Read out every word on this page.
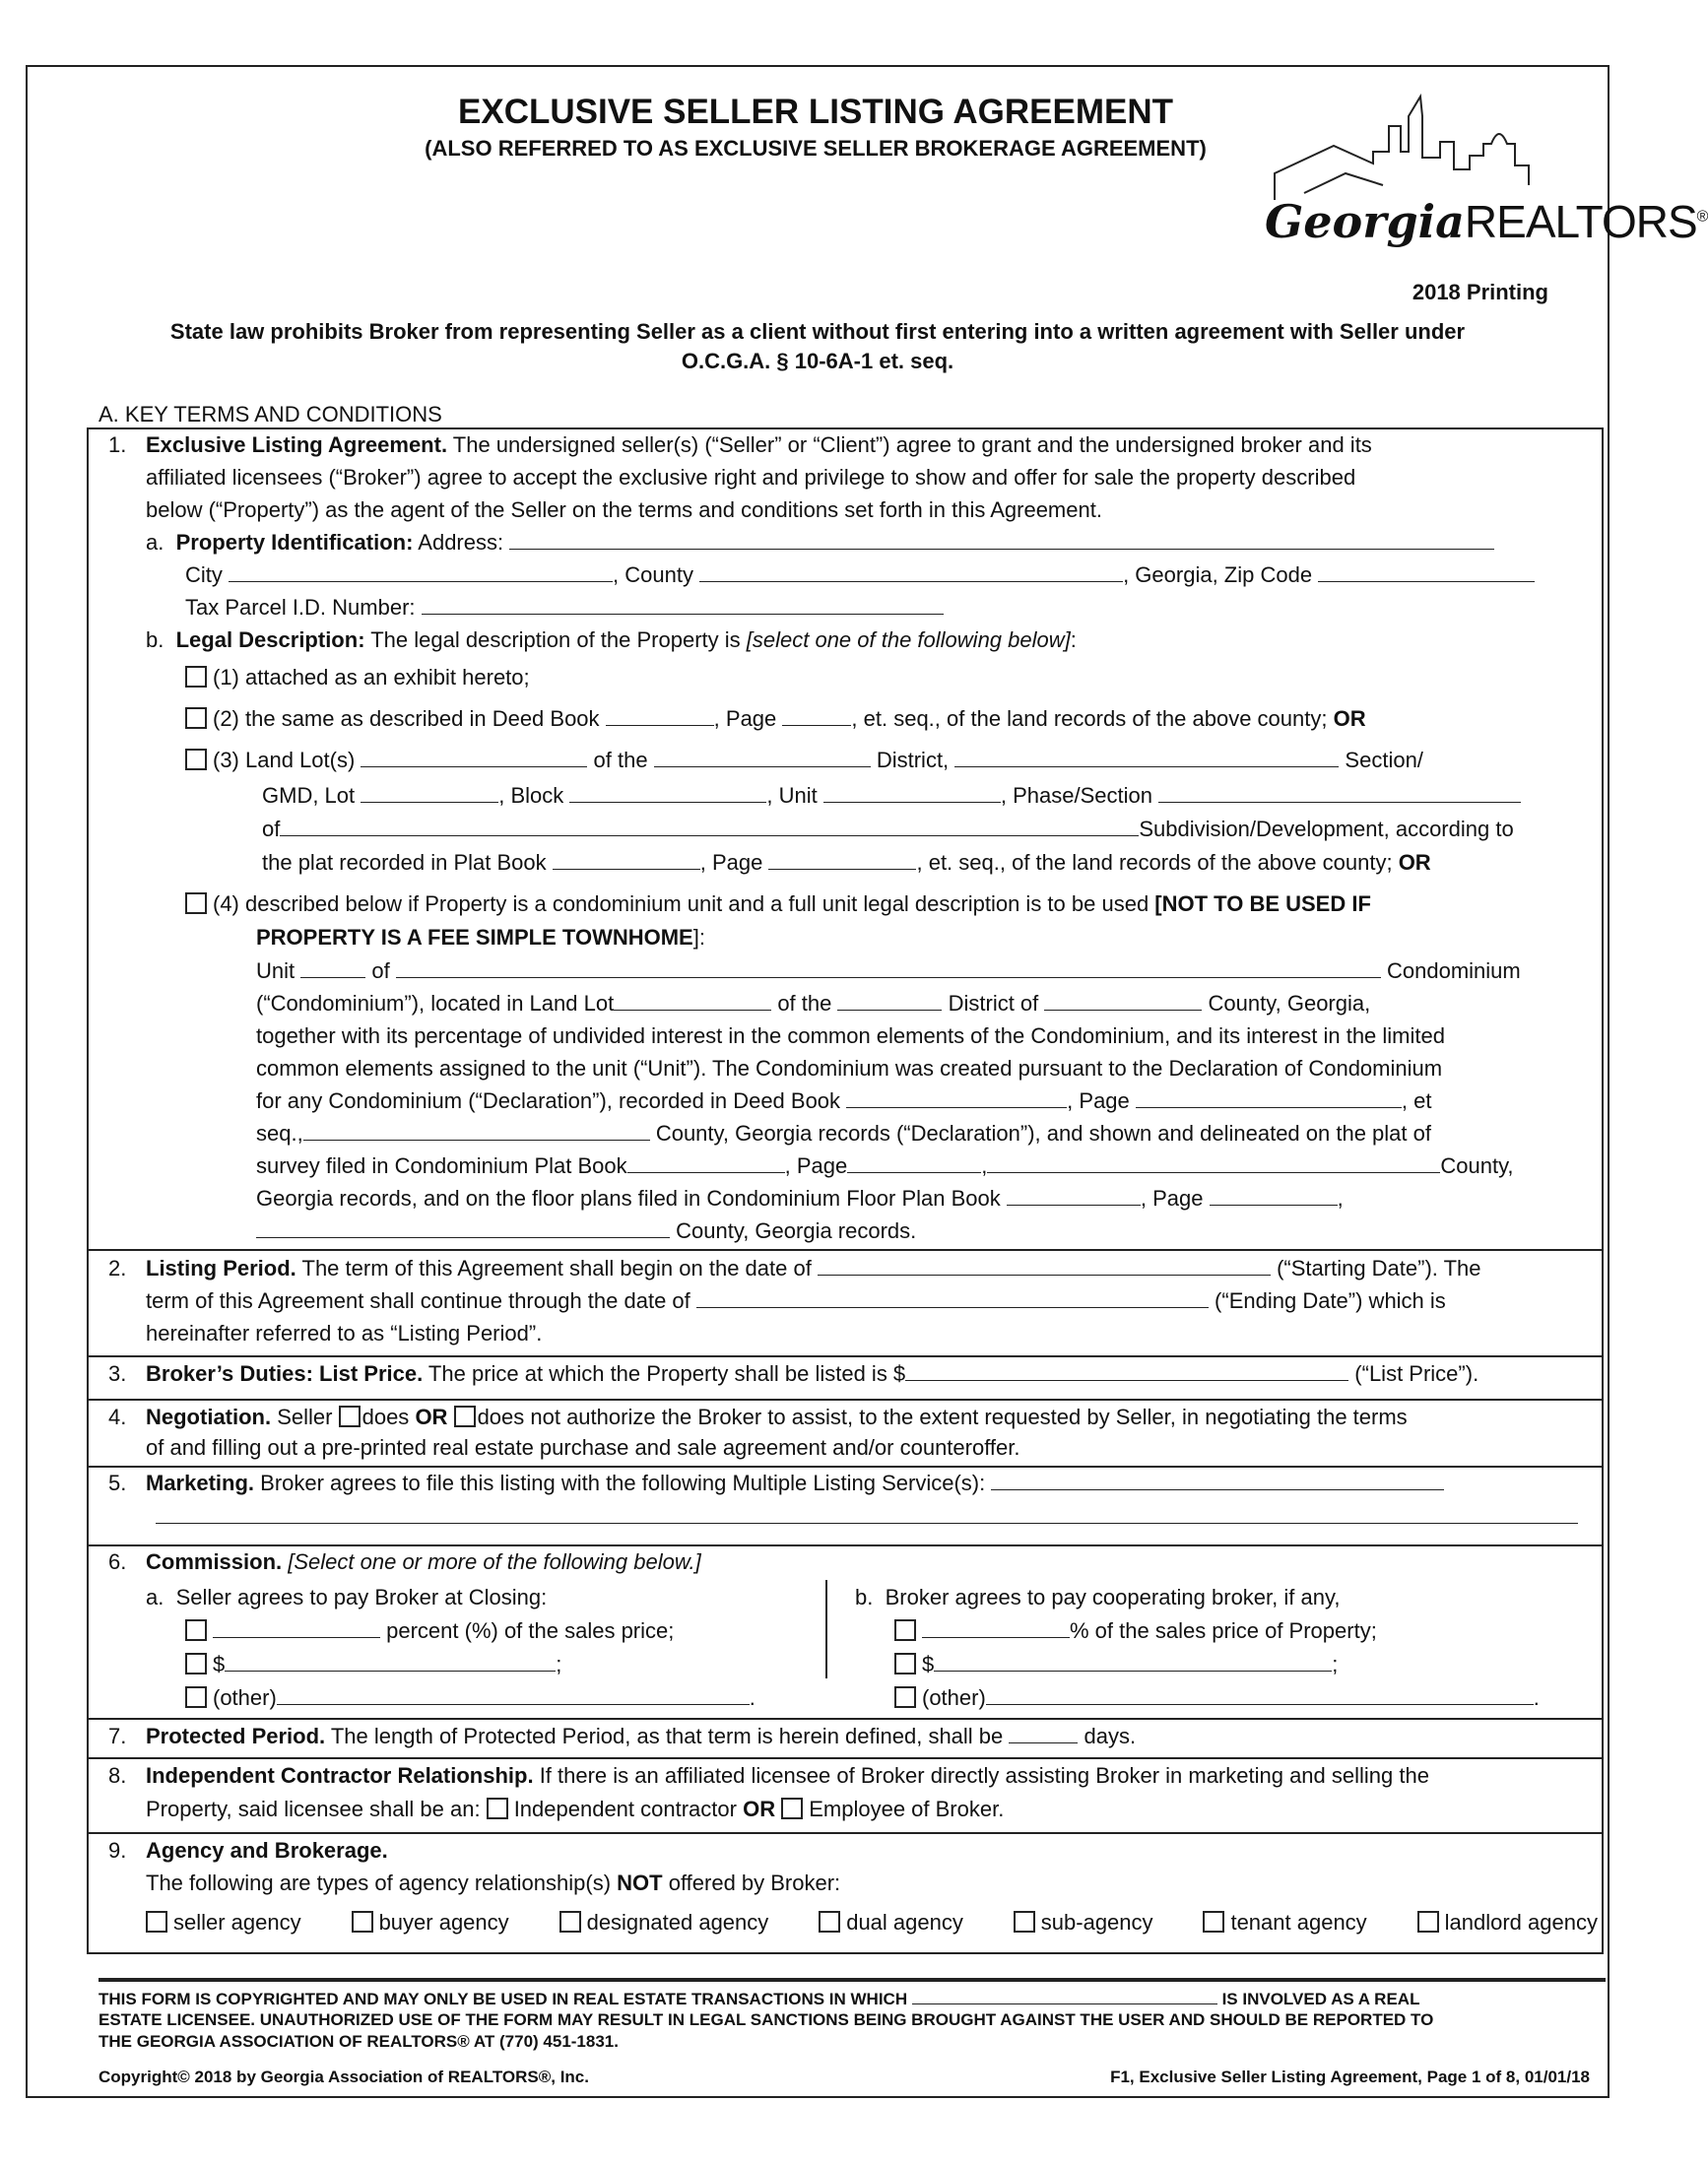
EXCLUSIVE SELLER LISTING AGREEMENT
(ALSO REFERRED TO AS EXCLUSIVE SELLER BROKERAGE AGREEMENT)
GeorgiaREALTORS®
2018 Printing
State law prohibits Broker from representing Seller as a client without first entering into a written agreement with Seller under
O.C.G.A. § 10-6A-1 et. seq.
A. KEY TERMS AND CONDITIONS
1. Exclusive Listing Agreement. The undersigned seller(s) (“Seller” or “Client”) agree to grant and the undersigned broker and its
affiliated licensees (“Broker”) agree to accept the exclusive right and privilege to show and offer for sale the property described
below (“Property”) as the agent of the Seller on the terms and conditions set forth in this Agreement.
a. Property Identification: Address:
City	, County	, Georgia, Zip Code
Tax Parcel I.D. Number:
b. Legal Description: The legal description of the Property is [select one of the following below]:
(1) attached as an exhibit hereto;
(2) the same as described in Deed Book	, Page	, et. seq., of the land records of the above county; OR
(3) Land Lot(s)	of the	District,	Section/
GMD, Lot	, Block	, Unit	, Phase/Section
of	Subdivision/Development, according to
the plat recorded in Plat Book	, Page	, et. seq., of the land records of the above county; OR
(4) described below if Property is a condominium unit and a full unit legal description is to be used [NOT TO BE USED IF
PROPERTY IS A FEE SIMPLE TOWNHOME]:
Unit	of	Condominium
(“Condominium”), located in Land Lot	of the	District of	County, Georgia,
together with its percentage of undivided interest in the common elements of the Condominium, and its interest in the limited
common elements assigned to the unit (“Unit”). The Condominium was created pursuant to the Declaration of Condominium
for any Condominium (“Declaration”), recorded in Deed Book	, Page	, et
seq.,	County, Georgia records (“Declaration”), and shown and delineated on the plat of
survey filed in Condominium Plat Book	, Page	,	County,
Georgia records, and on the floor plans filed in Condominium Floor Plan Book	, Page	,
County, Georgia records.
2. Listing Period. The term of this Agreement shall begin on the date of	(“Starting Date”). The
term of this Agreement shall continue through the date of	(“Ending Date”) which is
hereinafter referred to as “Listing Period”.
3. Broker’s Duties: List Price. The price at which the Property shall be listed is $	(“List Price”).
4. Negotiation. Seller does OR does not authorize the Broker to assist, to the extent requested by Seller, in negotiating the terms
of and filling out a pre-printed real estate purchase and sale agreement and/or counteroffer.
5. Marketing. Broker agrees to file this listing with the following Multiple Listing Service(s):
6. Commission. [Select one or more of the following below.]
a. Seller agrees to pay Broker at Closing:
percent (%) of the sales price;
$	;
(other)	.
b. Broker agrees to pay cooperating broker, if any,
% of the sales price of Property;
$	;
(other)	.
7. Protected Period. The length of Protected Period, as that term is herein defined, shall be	days.
8. Independent Contractor Relationship. If there is an affiliated licensee of Broker directly assisting Broker in marketing and selling the
Property, said licensee shall be an: Independent contractor OR Employee of Broker.
9. Agency and Brokerage.
The following are types of agency relationship(s) NOT offered by Broker:
seller agency	buyer agency	designated agency	dual agency	sub-agency	tenant agency	landlord agency
THIS FORM IS COPYRIGHTED AND MAY ONLY BE USED IN REAL ESTATE TRANSACTIONS IN WHICH	IS INVOLVED AS A REAL
ESTATE LICENSEE. UNAUTHORIZED USE OF THE FORM MAY RESULT IN LEGAL SANCTIONS BEING BROUGHT AGAINST THE USER AND SHOULD BE REPORTED TO
THE GEORGIA ASSOCIATION OF REALTORS® AT (770) 451-1831.
Copyright© 2018 by Georgia Association of REALTORS®, Inc.	F1, Exclusive Seller Listing Agreement, Page 1 of 8, 01/01/18
